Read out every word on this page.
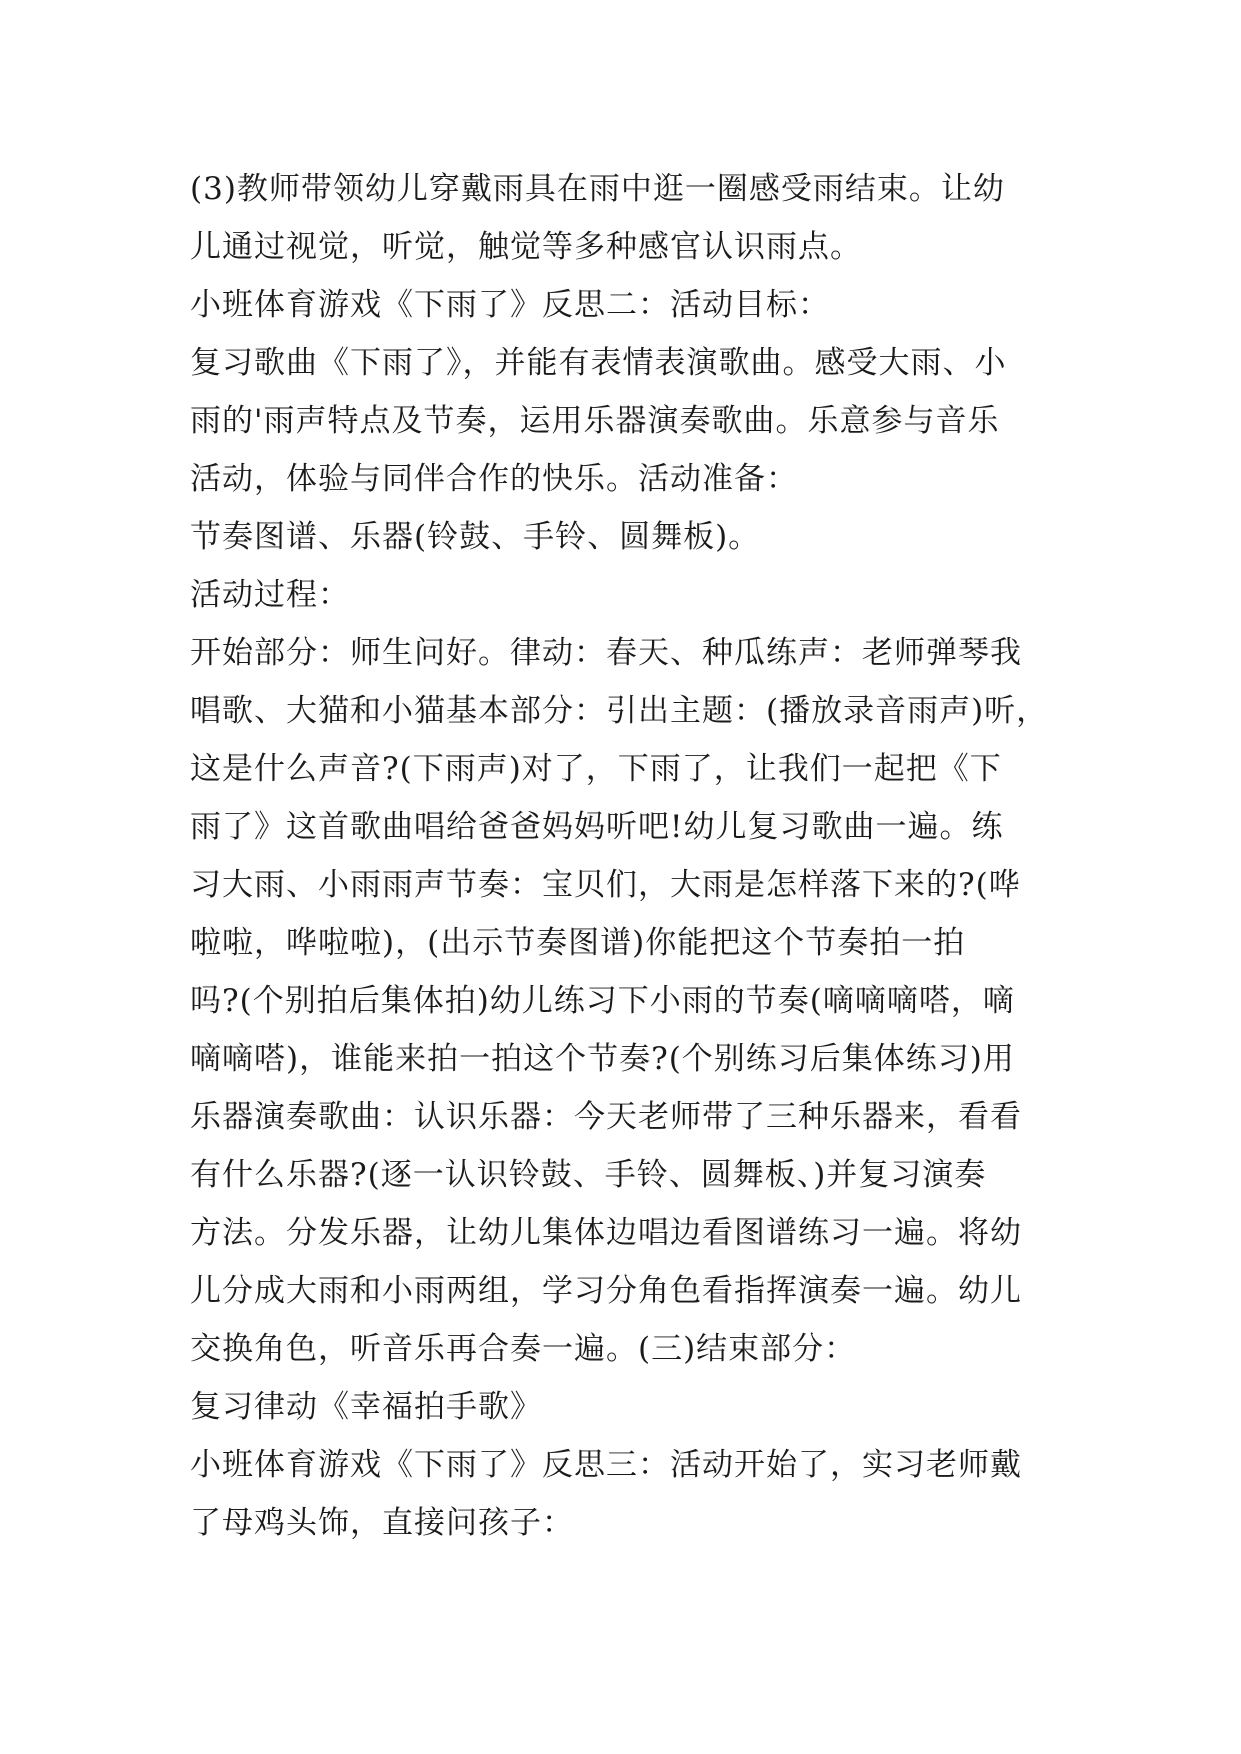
(3)教师带领幼儿穿戴雨具在雨中逛一圈感受雨结束。让幼
儿通过视觉，听觉，触觉等多种感官认识雨点。
小班体育游戏《下雨了》反思二：活动目标：
复习歌曲《下雨了》，并能有表情表演歌曲。感受大雨、小
雨的'雨声特点及节奏，运用乐器演奏歌曲。乐意参与音乐
活动，体验与同伴合作的快乐。活动准备：
节奏图谱、乐器(铃鼓、手铃、圆舞板)。
活动过程：
开始部分：师生问好。律动：春天、种瓜练声：老师弹琴我
唱歌、大猫和小猫基本部分：引出主题：(播放录音雨声)听，
这是什么声音?(下雨声)对了，下雨了，让我们一起把《下
雨了》这首歌曲唱给爸爸妈妈听吧!幼儿复习歌曲一遍。练
习大雨、小雨雨声节奏：宝贝们，大雨是怎样落下来的?(哗
啦啦，哗啦啦)，(出示节奏图谱)你能把这个节奏拍一拍
吗?(个别拍后集体拍)幼儿练习下小雨的节奏(嘀嘀嘀嗒，嘀
嘀嘀嗒)，谁能来拍一拍这个节奏?(个别练习后集体练习)用
乐器演奏歌曲：认识乐器：今天老师带了三种乐器来，看看
有什么乐器?(逐一认识铃鼓、手铃、圆舞板、)并复习演奏
方法。分发乐器，让幼儿集体边唱边看图谱练习一遍。将幼
儿分成大雨和小雨两组，学习分角色看指挥演奏一遍。幼儿
交换角色，听音乐再合奏一遍。(三)结束部分：
复习律动《幸福拍手歌》
小班体育游戏《下雨了》反思三：活动开始了，实习老师戴
了母鸡头饰，直接问孩子：
